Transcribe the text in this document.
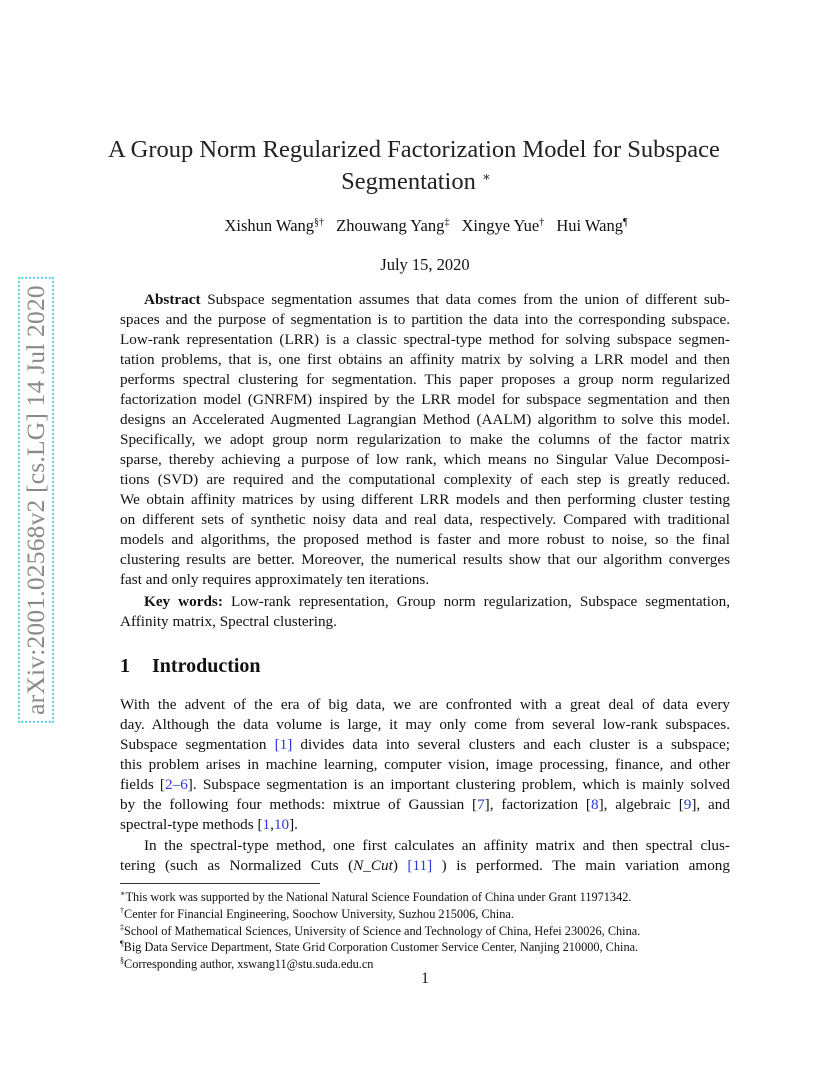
arXiv:2001.02568v2 [cs.LG] 14 Jul 2020
A Group Norm Regularized Factorization Model for Subspace
Segmentation ∗
Xishun Wang§† Zhouwang Yang‡ Xingye Yue† Hui Wang¶
July 15, 2020
Abstract Subspace segmentation assumes that data comes from the union of different sub-
spaces and the purpose of segmentation is to partition the data into the corresponding subspace.
Low-rank representation (LRR) is a classic spectral-type method for solving subspace segmen-
tation problems, that is, one first obtains an affinity matrix by solving a LRR model and then
performs spectral clustering for segmentation. This paper proposes a group norm regularized
factorization model (GNRFM) inspired by the LRR model for subspace segmentation and then
designs an Accelerated Augmented Lagrangian Method (AALM) algorithm to solve this model.
Specifically, we adopt group norm regularization to make the columns of the factor matrix
sparse, thereby achieving a purpose of low rank, which means no Singular Value Decomposi-
tions (SVD) are required and the computational complexity of each step is greatly reduced.
We obtain affinity matrices by using different LRR models and then performing cluster testing
on different sets of synthetic noisy data and real data, respectively. Compared with traditional
models and algorithms, the proposed method is faster and more robust to noise, so the final
clustering results are better. Moreover, the numerical results show that our algorithm converges
fast and only requires approximately ten iterations.
Key words: Low-rank representation, Group norm regularization, Subspace segmentation,
Affinity matrix, Spectral clustering.
1 Introduction
With the advent of the era of big data, we are confronted with a great deal of data every
day. Although the data volume is large, it may only come from several low-rank subspaces.
Subspace segmentation [1] divides data into several clusters and each cluster is a subspace;
this problem arises in machine learning, computer vision, image processing, finance, and other
fields [2–6]. Subspace segmentation is an important clustering problem, which is mainly solved
by the following four methods: mixtrue of Gaussian [7], factorization [8], algebraic [9], and
spectral-type methods [1,10].
In the spectral-type method, one first calculates an affinity matrix and then spectral clus-
tering (such as Normalized Cuts (N_Cut) [11] ) is performed. The main variation among
∗This work was supported by the National Natural Science Foundation of China under Grant 11971342.
†Center for Financial Engineering, Soochow University, Suzhou 215006, China.
‡School of Mathematical Sciences, University of Science and Technology of China, Hefei 230026, China.
¶Big Data Service Department, State Grid Corporation Customer Service Center, Nanjing 210000, China.
§Corresponding author, xswang11@stu.suda.edu.cn
1
